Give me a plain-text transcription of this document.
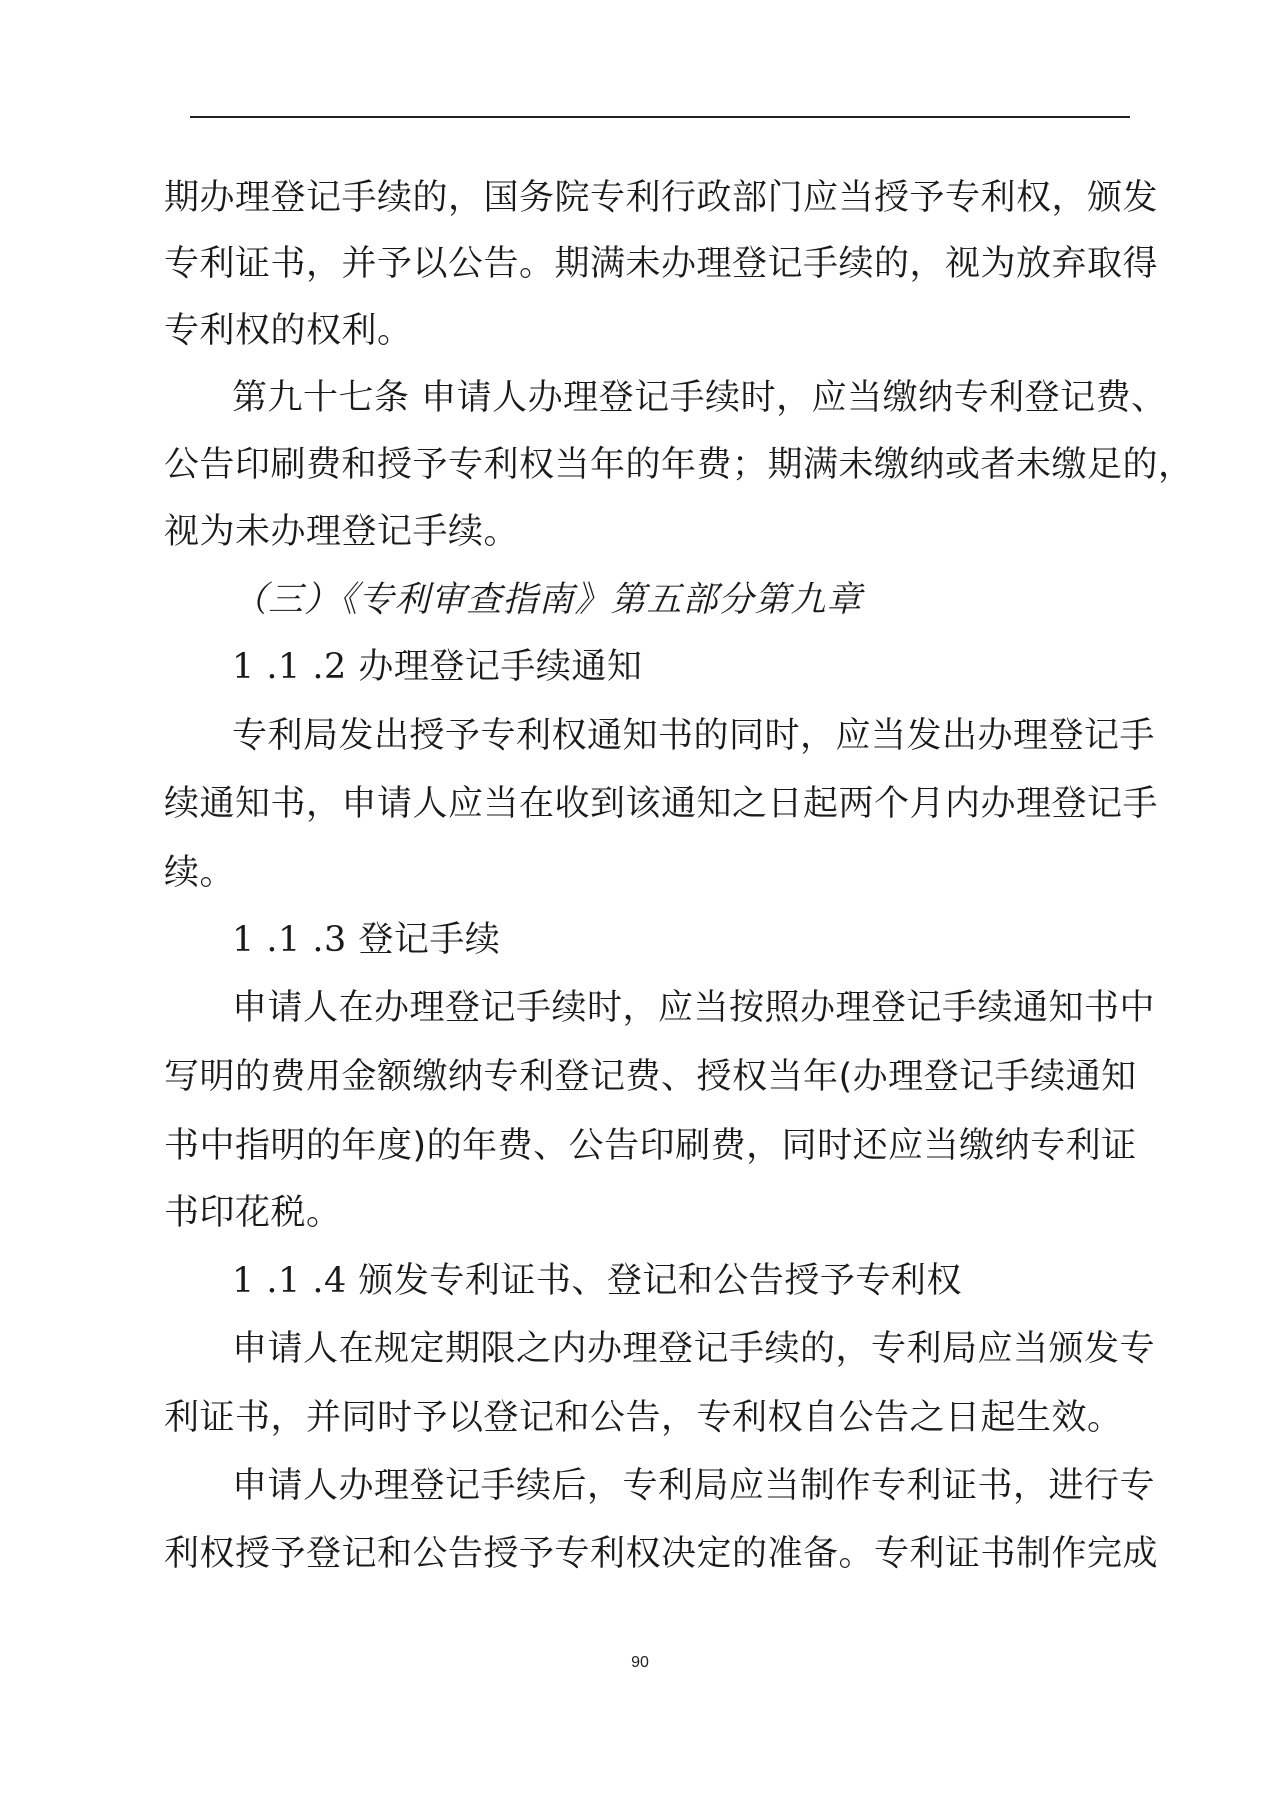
期办理登记手续的，国务院专利行政部门应当授予专利权，颁发
专利证书，并予以公告。期满未办理登记手续的，视为放弃取得
专利权的权利。
第九十七条 申请人办理登记手续时，应当缴纳专利登记费、
公告印刷费和授予专利权当年的年费；期满未缴纳或者未缴足的，
视为未办理登记手续。
（三）《专利审查指南》第五部分第九章
1 .1 .2 办理登记手续通知
专利局发出授予专利权通知书的同时，应当发出办理登记手
续通知书，申请人应当在收到该通知之日起两个月内办理登记手
续。
1 .1 .3 登记手续
申请人在办理登记手续时，应当按照办理登记手续通知书中
写明的费用金额缴纳专利登记费、授权当年(办理登记手续通知
书中指明的年度)的年费、公告印刷费，同时还应当缴纳专利证
书印花税。
1 .1 .4 颁发专利证书、登记和公告授予专利权
申请人在规定期限之内办理登记手续的，专利局应当颁发专
利证书，并同时予以登记和公告，专利权自公告之日起生效。
申请人办理登记手续后，专利局应当制作专利证书，进行专
利权授予登记和公告授予专利权决定的准备。专利证书制作完成
90
